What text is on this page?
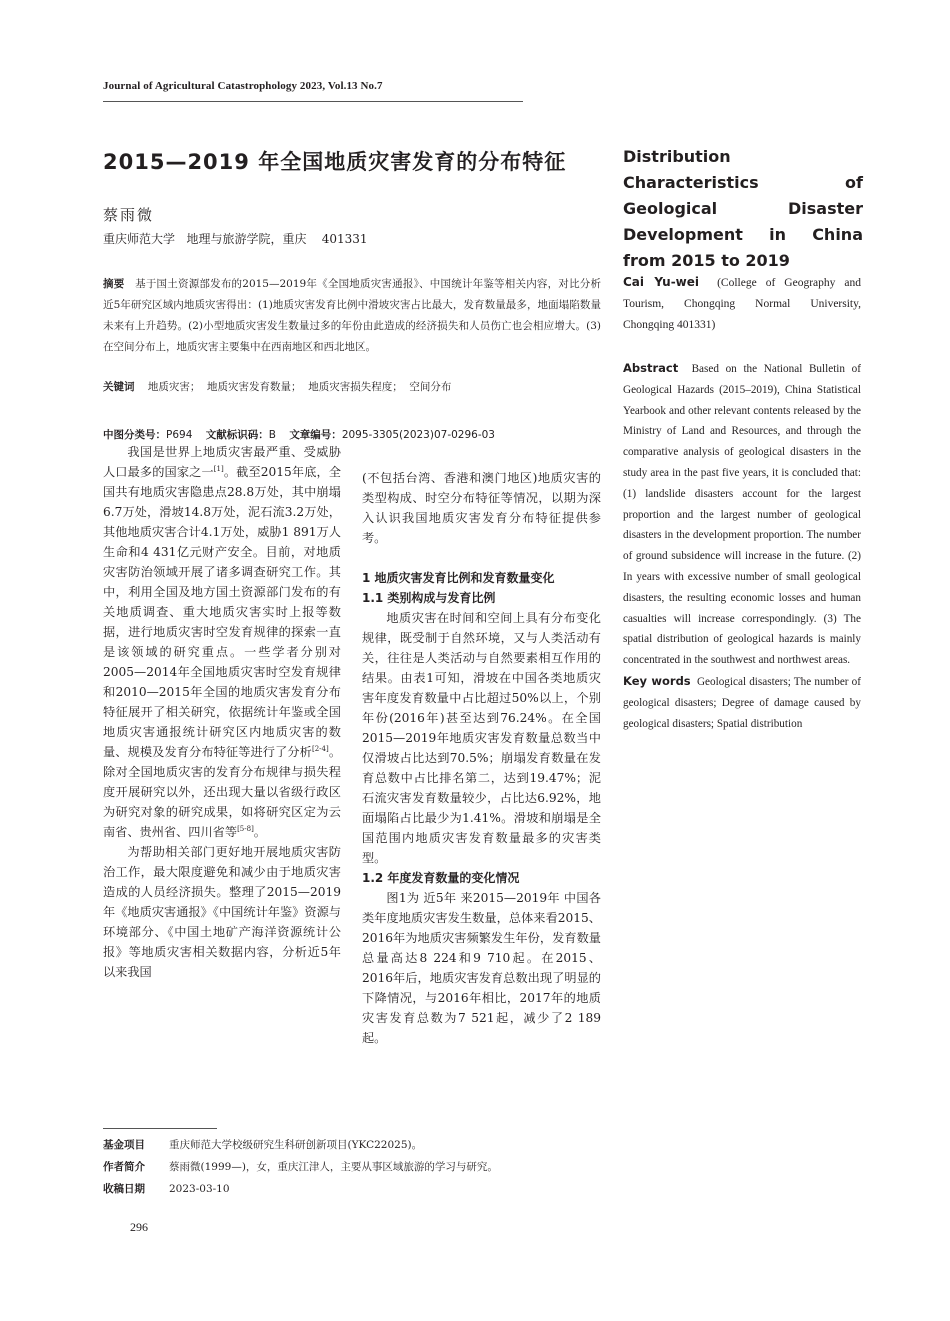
Journal of Agricultural Catastrophology 2023, Vol.13 No.7
2015—2019 年全国地质灾害发育的分布特征
蔡雨微
重庆师范大学   地理与旅游学院，重庆    401331
摘要 基于国土资源部发布的2015—2019年《全国地质灾害通报》、中国统计年鉴等相关内容，对比分析近5年研究区域内地质灾害得出：(1)地质灾害发育比例中滑坡灾害占比最大，发育数量最多，地面塌陷数量未来有上升趋势。(2)小型地质灾害发生数量过多的年份由此造成的经济损失和人员伤亡也会相应增大。(3)在空间分布上，地质灾害主要集中在西南地区和西北地区。
关键词 地质灾害；  地质灾害发育数量；  地质灾害损失程度；  空间分布
中图分类号：P694 文献标识码：B 文章编号：2095-3305(2023)07-0296-03

我国是世界上地质灾害最严重、受威胁人口最多的国家之一[1]。截至2015年底，全国共有地质灾害隐患点28.8万处，其中崩塌6.7万处，滑坡14.8万处，泥石流3.2万处，其他地质灾害合计4.1万处，威胁1 891万人生命和4 431亿元财产安全。目前，对地质灾害防治领域开展了诸多调查研究工作。其中，利用全国及地方国土资源部门发布的有关地质调查、重大地质灾害实时上报等数据，进行地质灾害时空发育规律的探索一直是该领域的研究重点。一些学者分别对2005—2014年全国地质灾害时空发育规律和2010—2015年全国的地质灾害发育分布特征展开了相关研究，依据统计年鉴或全国地质灾害通报统计研究区内地质灾害的数量、规模及发育分布特征等进行了分析[2-4]。除对全国地质灾害的发育分布规律与损失程度开展研究以外，还出现大量以省级行政区为研究对象的研究成果，如将研究区定为云南省、贵州省、四川省等[5-8]。

为帮助相关部门更好地开展地质灾害防治工作，最大限度避免和减少由于地质灾害造成的人员经济损失。整理了2015—2019年《地质灾害通报》《中国统计年鉴》资源与环境部分、《中国土地矿产海洋资源统计公报》等地质灾害相关数据内容，分析近5年以来我国

(不包括台湾、香港和澳门地区)地质灾害的类型构成、时空分布特征等情况，以期为深入认识我国地质灾害发育分布特征提供参考。

1 地质灾害发育比例和发育数量变化

1.1 类别构成与发育比例

地质灾害在时间和空间上具有分布变化规律，既受制于自然环境，又与人类活动有关，往往是人类活动与自然要素相互作用的结果。由表1可知，滑坡在中国各类地质灾害年度发育数量中占比超过50%以上，个别年份(2016年)甚至达到76.24%。在全国2015—2019年地质灾害发育数量总数当中仅滑坡占比达到70.5%；崩塌发育数量在发育总数中占比排名第二，达到19.47%；泥石流灾害发育数量较少，占比达6.92%，地面塌陷占比最少为1.41%。滑坡和崩塌是全国范围内地质灾害发育数量最多的灾害类型。

1.2 年度发育数量的变化情况

图1为 近5年 来2015—2019年 中国各类年度地质灾害发生数量，总体来看2015、2016年为地质灾害频繁发生年份，发育数量总量高达8 224和9 710起。在2015、2016年后，地质灾害发育总数出现了明显的下降情况，与2016年相比，2017年的地质灾害发育总数为7 521起，减少了2 189起。

Distribution Characteristics of Geological Disaster Development in China from 2015 to 2019
Cai Yu-wei (College of Geography and Tourism, Chongqing Normal University, Chongqing 401331)

Abstract Based on the National Bulletin of Geological Hazards (2015–2019), China Statistical Yearbook and other relevant contents released by the Ministry of Land and Resources, and through the comparative analysis of geological disasters in the study area in the past five years, it is concluded that: (1) landslide disasters account for the largest proportion and the largest number of geological disasters in the development proportion. The number of ground subsidence will increase in the future. (2) In years with excessive number of small geological disasters, the resulting economic losses and human casualties will increase correspondingly. (3) The spatial distribution of geological hazards is mainly concentrated in the southwest and northwest areas.

Key words Geological disasters; The number of geological disasters; Degree of damage caused by geological disasters; Spatial distribution

基金项目 重庆师范大学校级研究生科研创新项目(YKC22025)。
作者简介 蔡雨微(1999—)，女，重庆江津人，主要从事区域旅游的学习与研究。
收稿日期 2023-03-10
296
